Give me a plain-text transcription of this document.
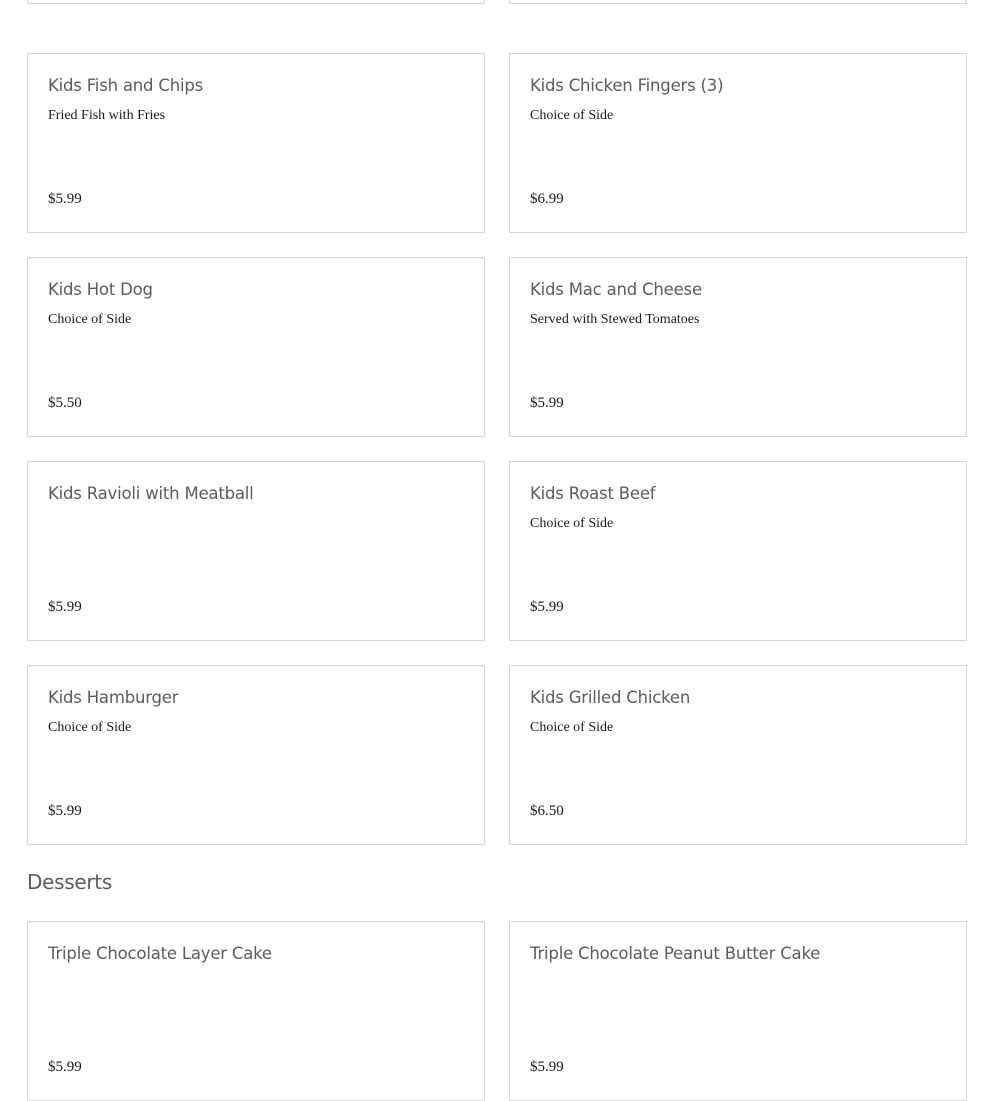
Kids Fish and Chips
Fried Fish with Fries
$5.99
Kids Chicken Fingers (3)
Choice of Side
$6.99
Kids Hot Dog
Choice of Side
$5.50
Kids Mac and Cheese
Served with Stewed Tomatoes
$5.99
Kids Ravioli with Meatball
$5.99
Kids Roast Beef
Choice of Side
$5.99
Kids Hamburger
Choice of Side
$5.99
Kids Grilled Chicken
Choice of Side
$6.50
Desserts
Triple Chocolate Layer Cake
$5.99
Triple Chocolate Peanut Butter Cake
$5.99
